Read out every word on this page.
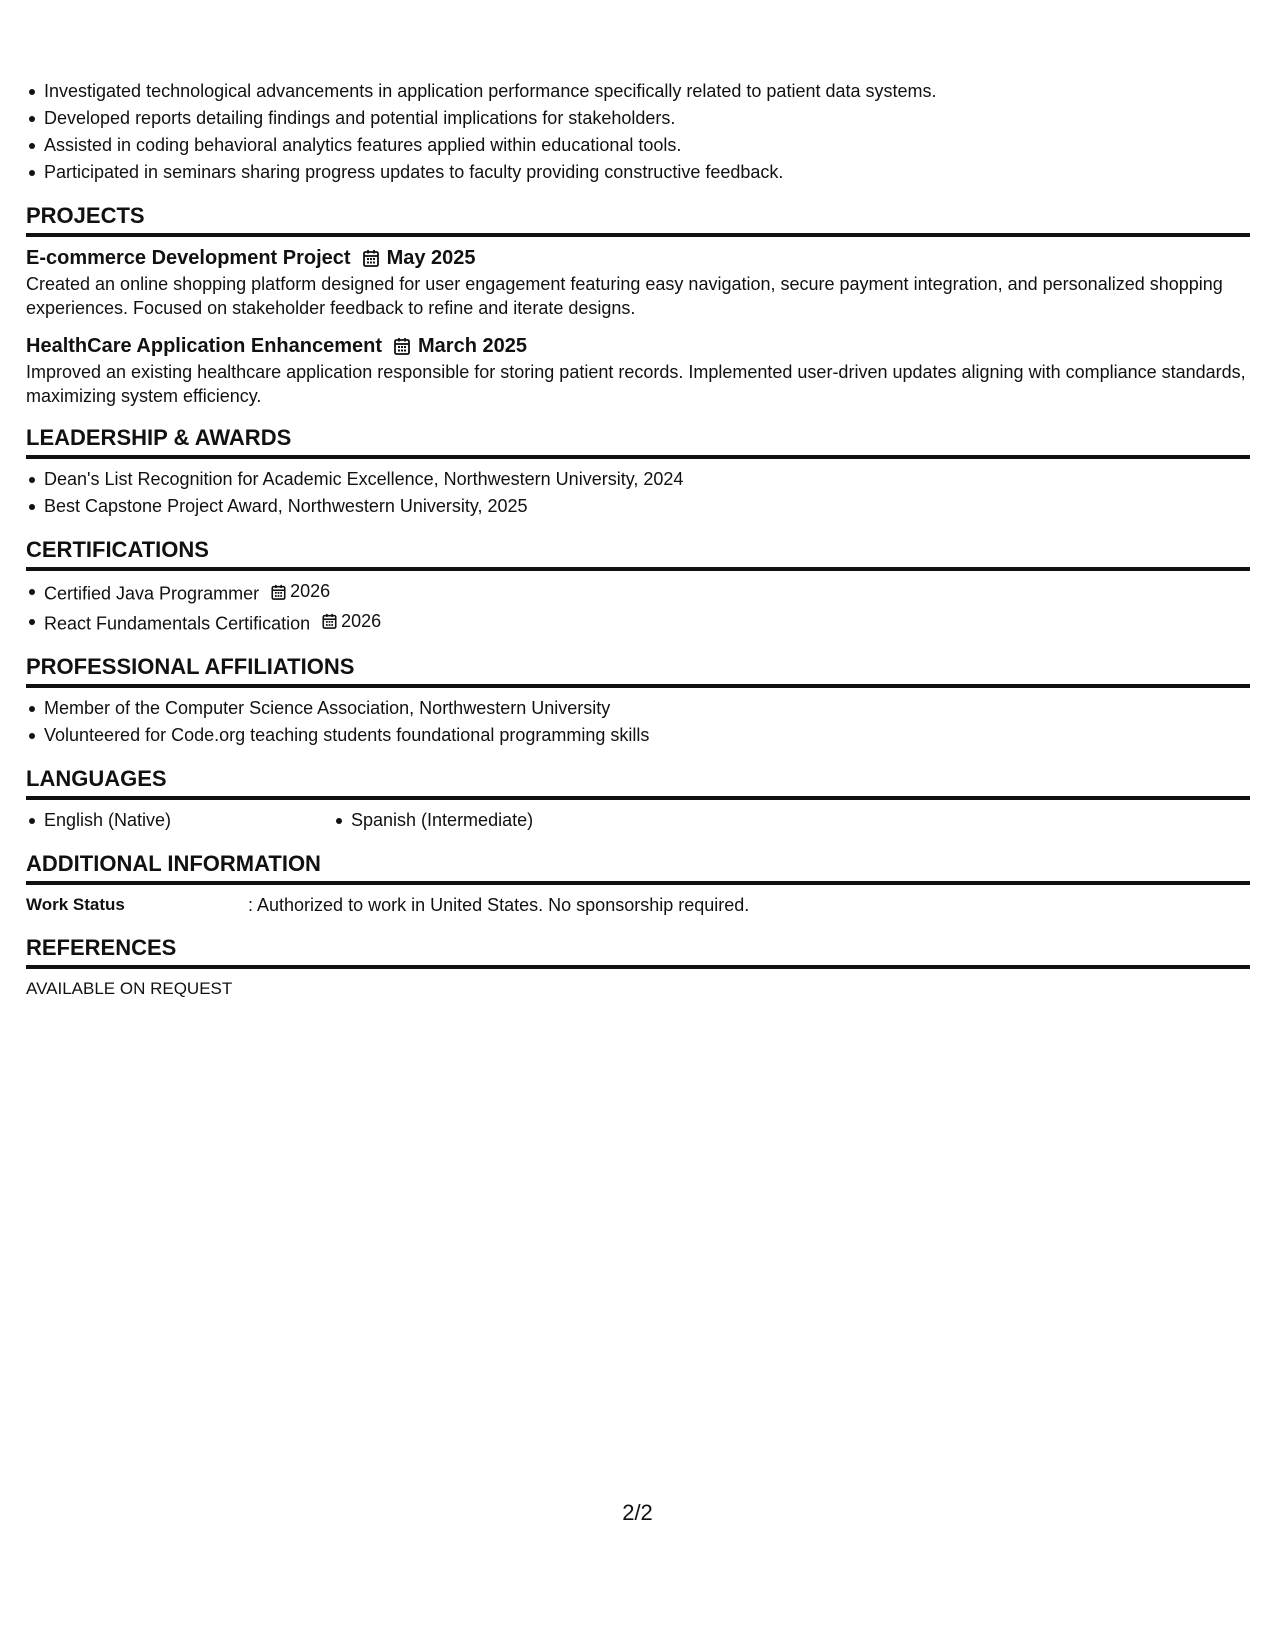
Investigated technological advancements in application performance specifically related to patient data systems.
Developed reports detailing findings and potential implications for stakeholders.
Assisted in coding behavioral analytics features applied within educational tools.
Participated in seminars sharing progress updates to faculty providing constructive feedback.
PROJECTS
E-commerce Development Project May 2025
Created an online shopping platform designed for user engagement featuring easy navigation, secure payment integration, and personalized shopping experiences. Focused on stakeholder feedback to refine and iterate designs.
HealthCare Application Enhancement March 2025
Improved an existing healthcare application responsible for storing patient records. Implemented user-driven updates aligning with compliance standards, maximizing system efficiency.
LEADERSHIP & AWARDS
Dean's List Recognition for Academic Excellence, Northwestern University, 2024
Best Capstone Project Award, Northwestern University, 2025
CERTIFICATIONS
Certified Java Programmer 2026
React Fundamentals Certification 2026
PROFESSIONAL AFFILIATIONS
Member of the Computer Science Association, Northwestern University
Volunteered for Code.org teaching students foundational programming skills
LANGUAGES
English (Native)	Spanish (Intermediate)
ADDITIONAL INFORMATION
Work Status	: Authorized to work in United States. No sponsorship required.
REFERENCES
AVAILABLE ON REQUEST
2/2
